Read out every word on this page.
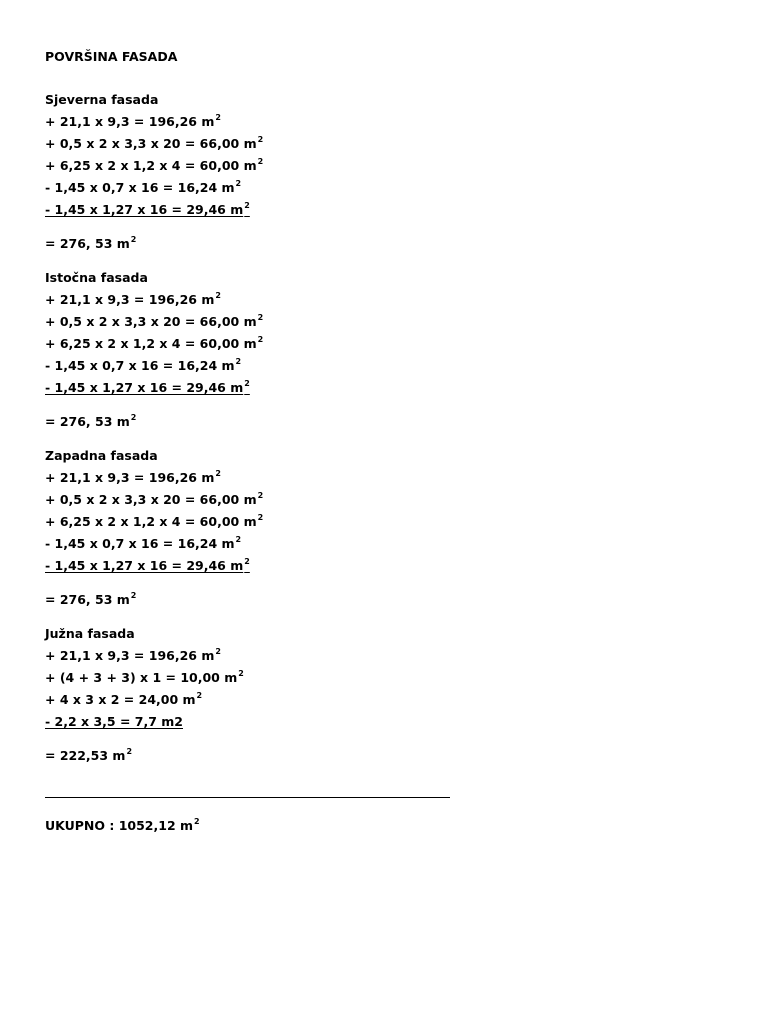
POVRŠINA FASADA
Sjeverna fasada
+ 21,1 x 9,3 = 196,26 $m^2$
+ 0,5 x 2 x 3,3 x 20 = 66,00 $m^2$
+ 6,25 x 2 x 1,2 x 4 = 60,00 $m^2$
- 1,45 x 0,7 x 16 = 16,24 $m^2$
- 1,45 x 1,27 x 16 = 29,46 $m^2$
= 276, 53 $m^2$
Istočna fasada
+ 21,1 x 9,3 = 196,26 $m^2$
+ 0,5 x 2 x 3,3 x 20 = 66,00 $m^2$
+ 6,25 x 2 x 1,2 x 4 = 60,00 $m^2$
- 1,45 x 0,7 x 16 = 16,24 $m^2$
- 1,45 x 1,27 x 16 = 29,46 $m^2$
= 276, 53 $m^2$
Zapadna fasada
+ 21,1 x 9,3 = 196,26 $m^2$
+ 0,5 x 2 x 3,3 x 20 = 66,00 $m^2$
+ 6,25 x 2 x 1,2 x 4 = 60,00 $m^2$
- 1,45 x 0,7 x 16 = 16,24 $m^2$
- 1,45 x 1,27 x 16 = 29,46 $m^2$
= 276, 53 $m^2$
Južna fasada
+ 21,1 x 9,3 = 196,26 $m^2$
+ (4 + 3 + 3) x 1 = 10,00 $m^2$
+ 4 x 3 x 2 = 24,00 $m^2$
- 2,2 x 3,5 = 7,7 m2
= 222,53 $m^2$
UKUPNO : 1052,12 $m^2$
